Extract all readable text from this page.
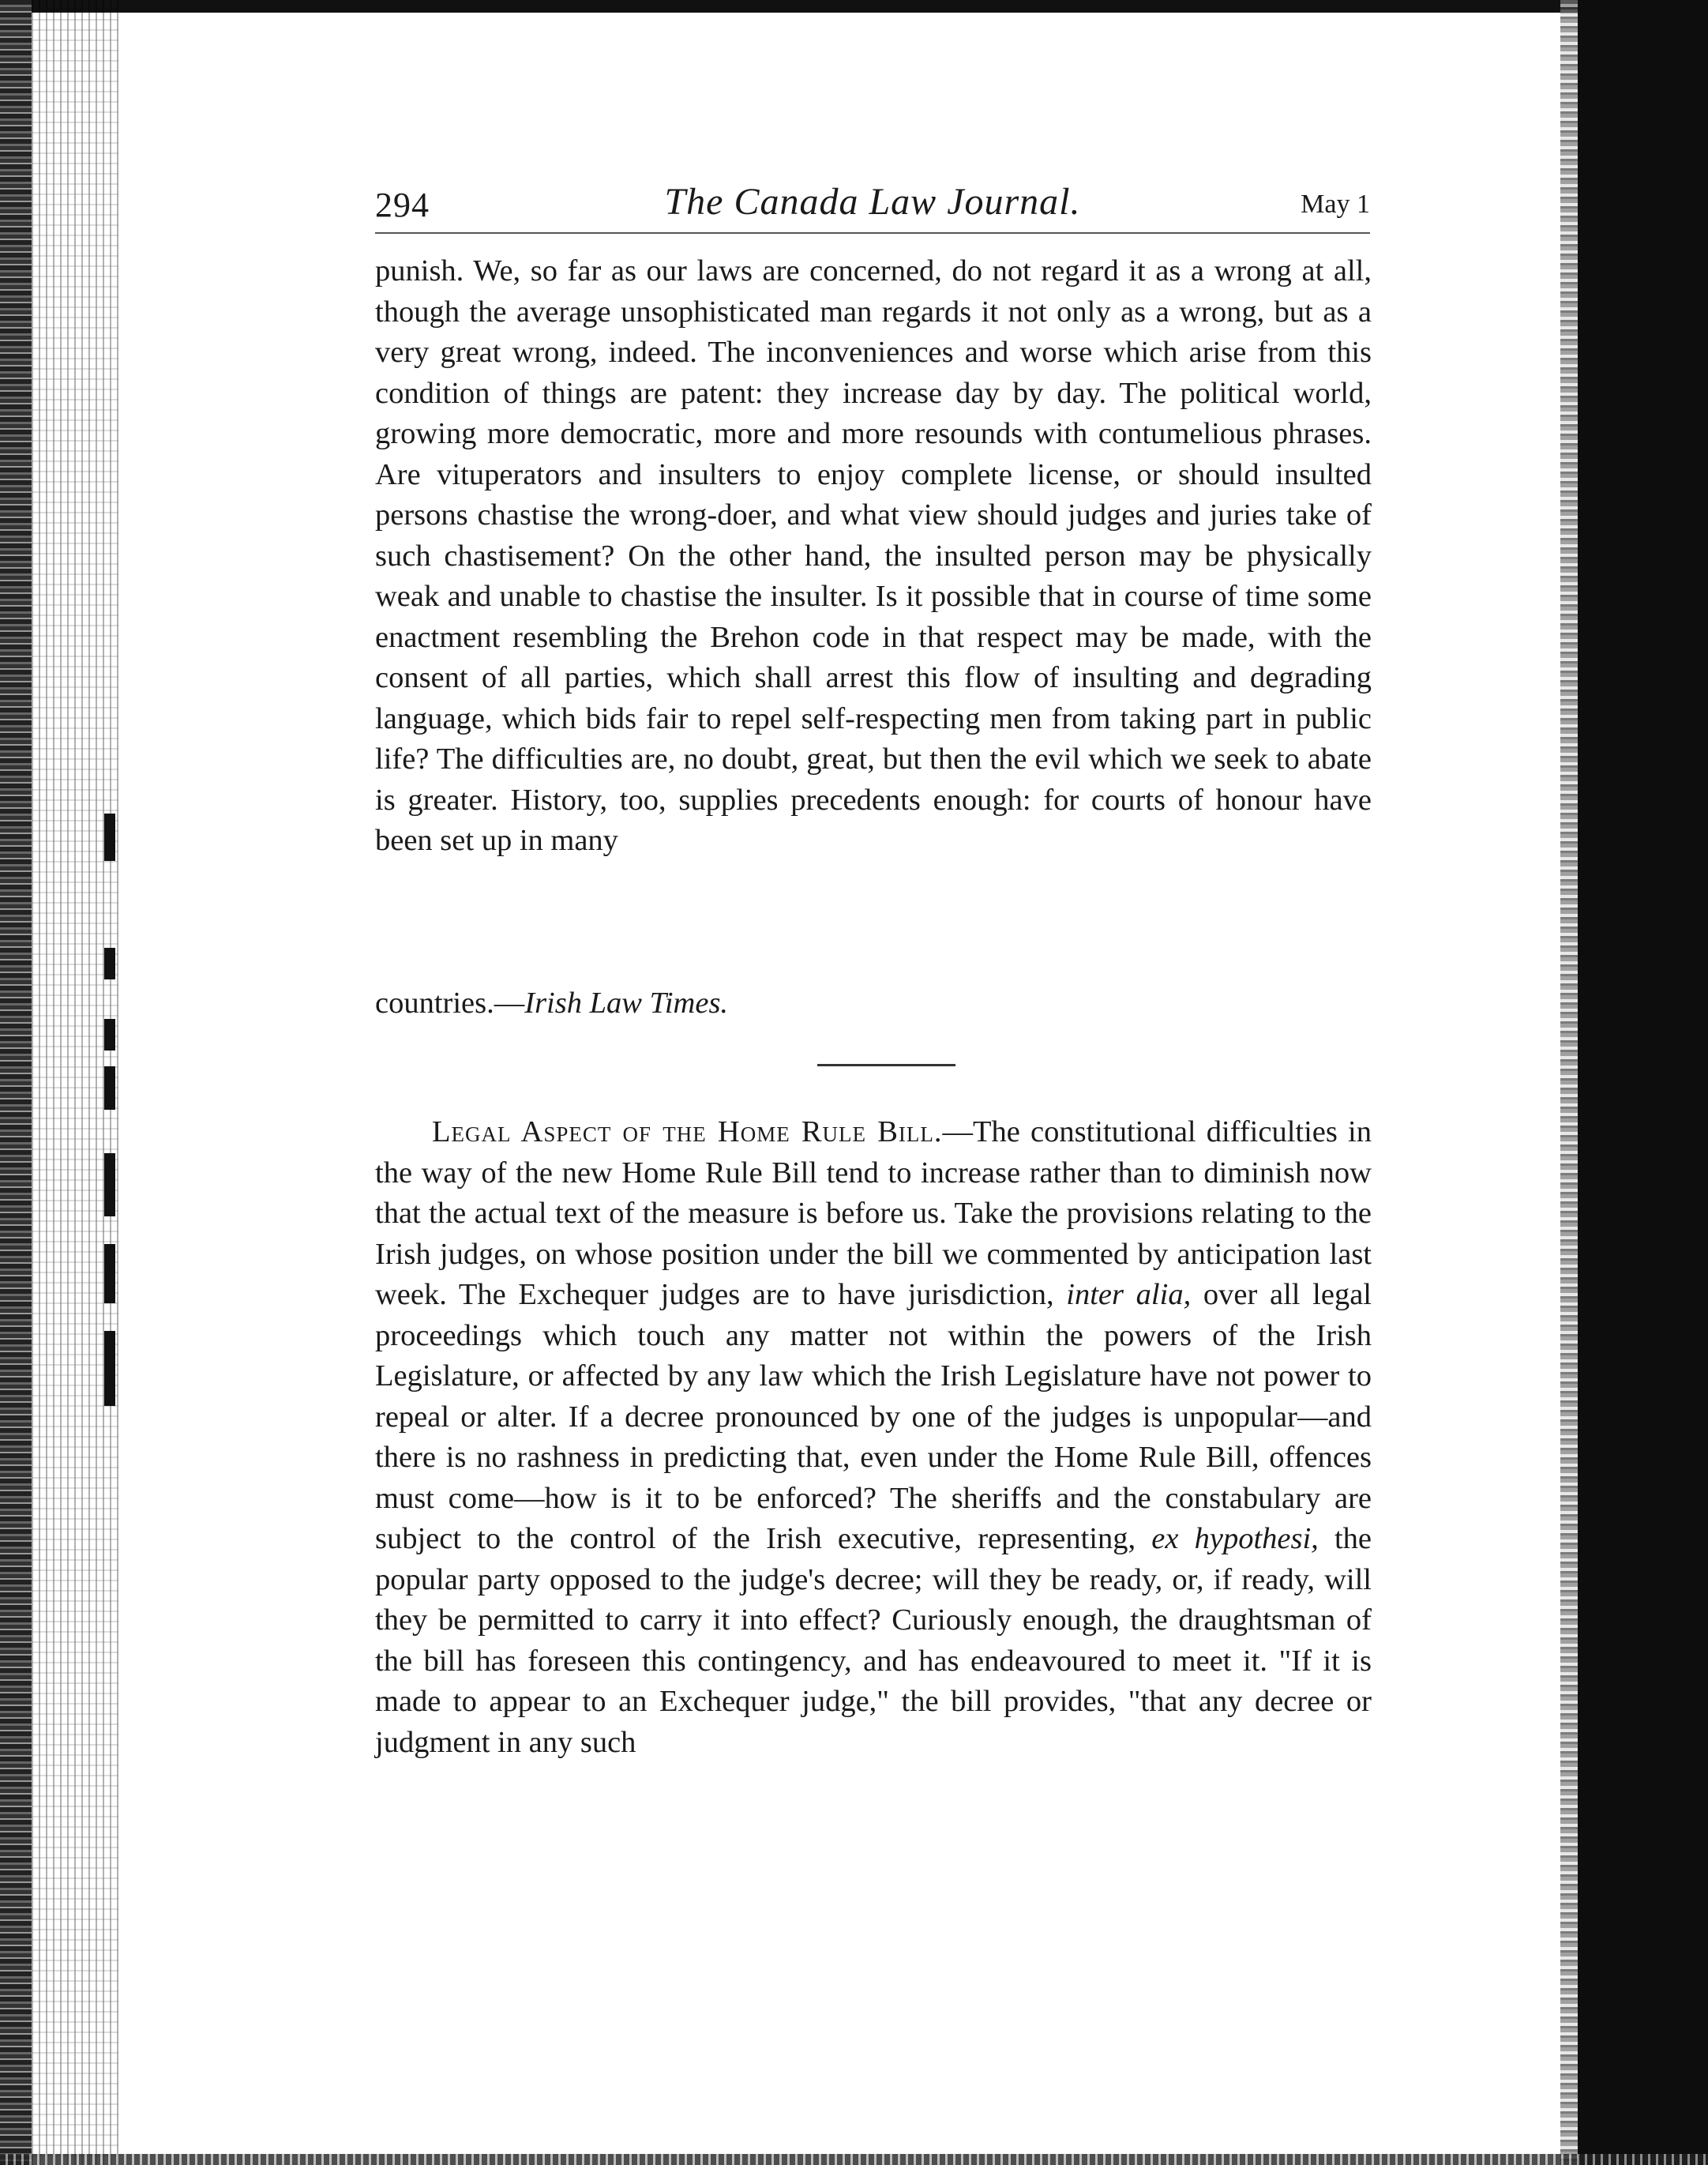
294	The Canada Law Journal.	May 1
punish. We, so far as our laws are concerned, do not regard it as a wrong at all, though the average unsophisticated man regards it not only as a wrong, but as a very great wrong, indeed. The inconveniences and worse which arise from this condition of things are patent: they increase day by day. The political world, growing more democratic, more and more resounds with contumelious phrases. Are vituperators and insulters to enjoy complete license, or should insulted persons chastise the wrong-doer, and what view should judges and juries take of such chastisement? On the other hand, the insulted person may be physically weak and unable to chastise the insulter. Is it possible that in course of time some enactment resembling the Brehon code in that respect may be made, with the consent of all parties, which shall arrest this flow of insulting and degrading language, which bids fair to repel self-respecting men from taking part in public life? The difficulties are, no doubt, great, but then the evil which we seek to abate is greater. History, too, supplies precedents enough: for courts of honour have been set up in many
countries.—Irish Law Times.
Legal Aspect of the Home Rule Bill.—The constitutional difficulties in the way of the new Home Rule Bill tend to increase rather than to diminish now that the actual text of the measure is before us. Take the provisions relating to the Irish judges, on whose position under the bill we commented by anticipation last week. The Exchequer judges are to have jurisdiction, inter alia, over all legal proceedings which touch any matter not within the powers of the Irish Legislature, or affected by any law which the Irish Legislature have not power to repeal or alter. If a decree pronounced by one of the judges is unpopular—and there is no rashness in predicting that, even under the Home Rule Bill, offences must come—how is it to be enforced? The sheriffs and the constabulary are subject to the control of the Irish executive, representing, ex hypothesi, the popular party opposed to the judge's decree; will they be ready, or, if ready, will they be permitted to carry it into effect? Curiously enough, the draughtsman of the bill has foreseen this contingency, and has endeavoured to meet it. "If it is made to appear to an Exchequer judge," the bill provides, "that any decree or judgment in any such
